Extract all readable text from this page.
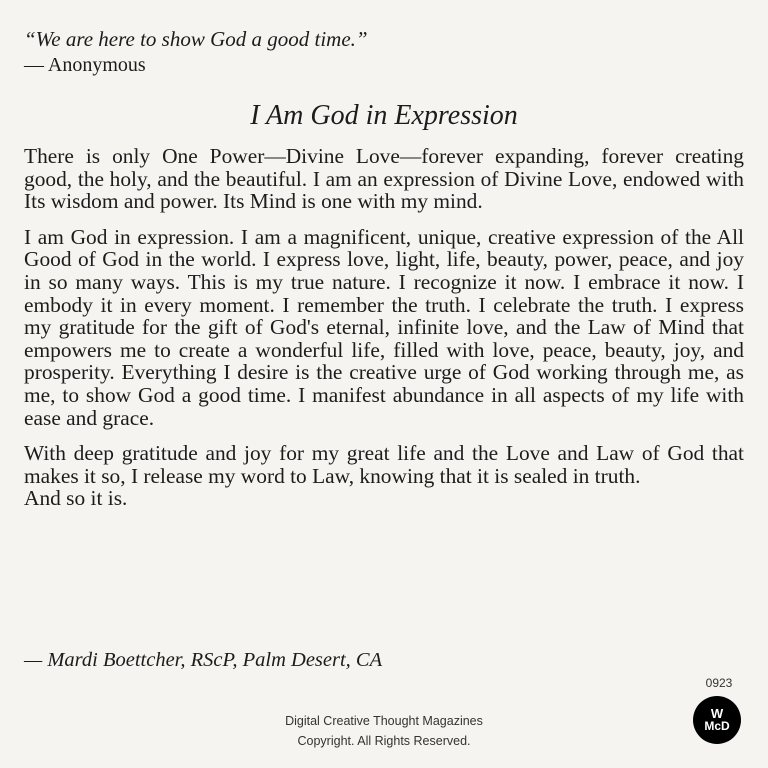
“We are here to show God a good time.”
— Anonymous
I Am God in Expression

There is only One Power—Divine Love—forever expanding, forever creating good, the holy, and the beautiful. I am an expression of Divine Love, endowed with Its wisdom and power. Its Mind is one with my mind.

I am God in expression. I am a magnificent, unique, creative expression of the All Good of God in the world. I express love, light, life, beauty, power, peace, and joy in so many ways. This is my true nature. I recognize it now. I embrace it now. I embody it in every moment. I remember the truth. I celebrate the truth. I express my gratitude for the gift of God's eternal, infinite love, and the Law of Mind that empowers me to create a wonderful life, filled with love, peace, beauty, joy, and prosperity. Everything I desire is the creative urge of God working through me, as me, to show God a good time. I manifest abundance in all aspects of my life with ease and grace.

With deep gratitude and joy for my great life and the Love and Law of God that makes it so, I release my word to Law, knowing that it is sealed in truth.

And so it is.

— Mardi Boettcher, RScP, Palm Desert, CA
0923
W
McD
Digital Creative Thought Magazines
Copyright. All Rights Reserved.
